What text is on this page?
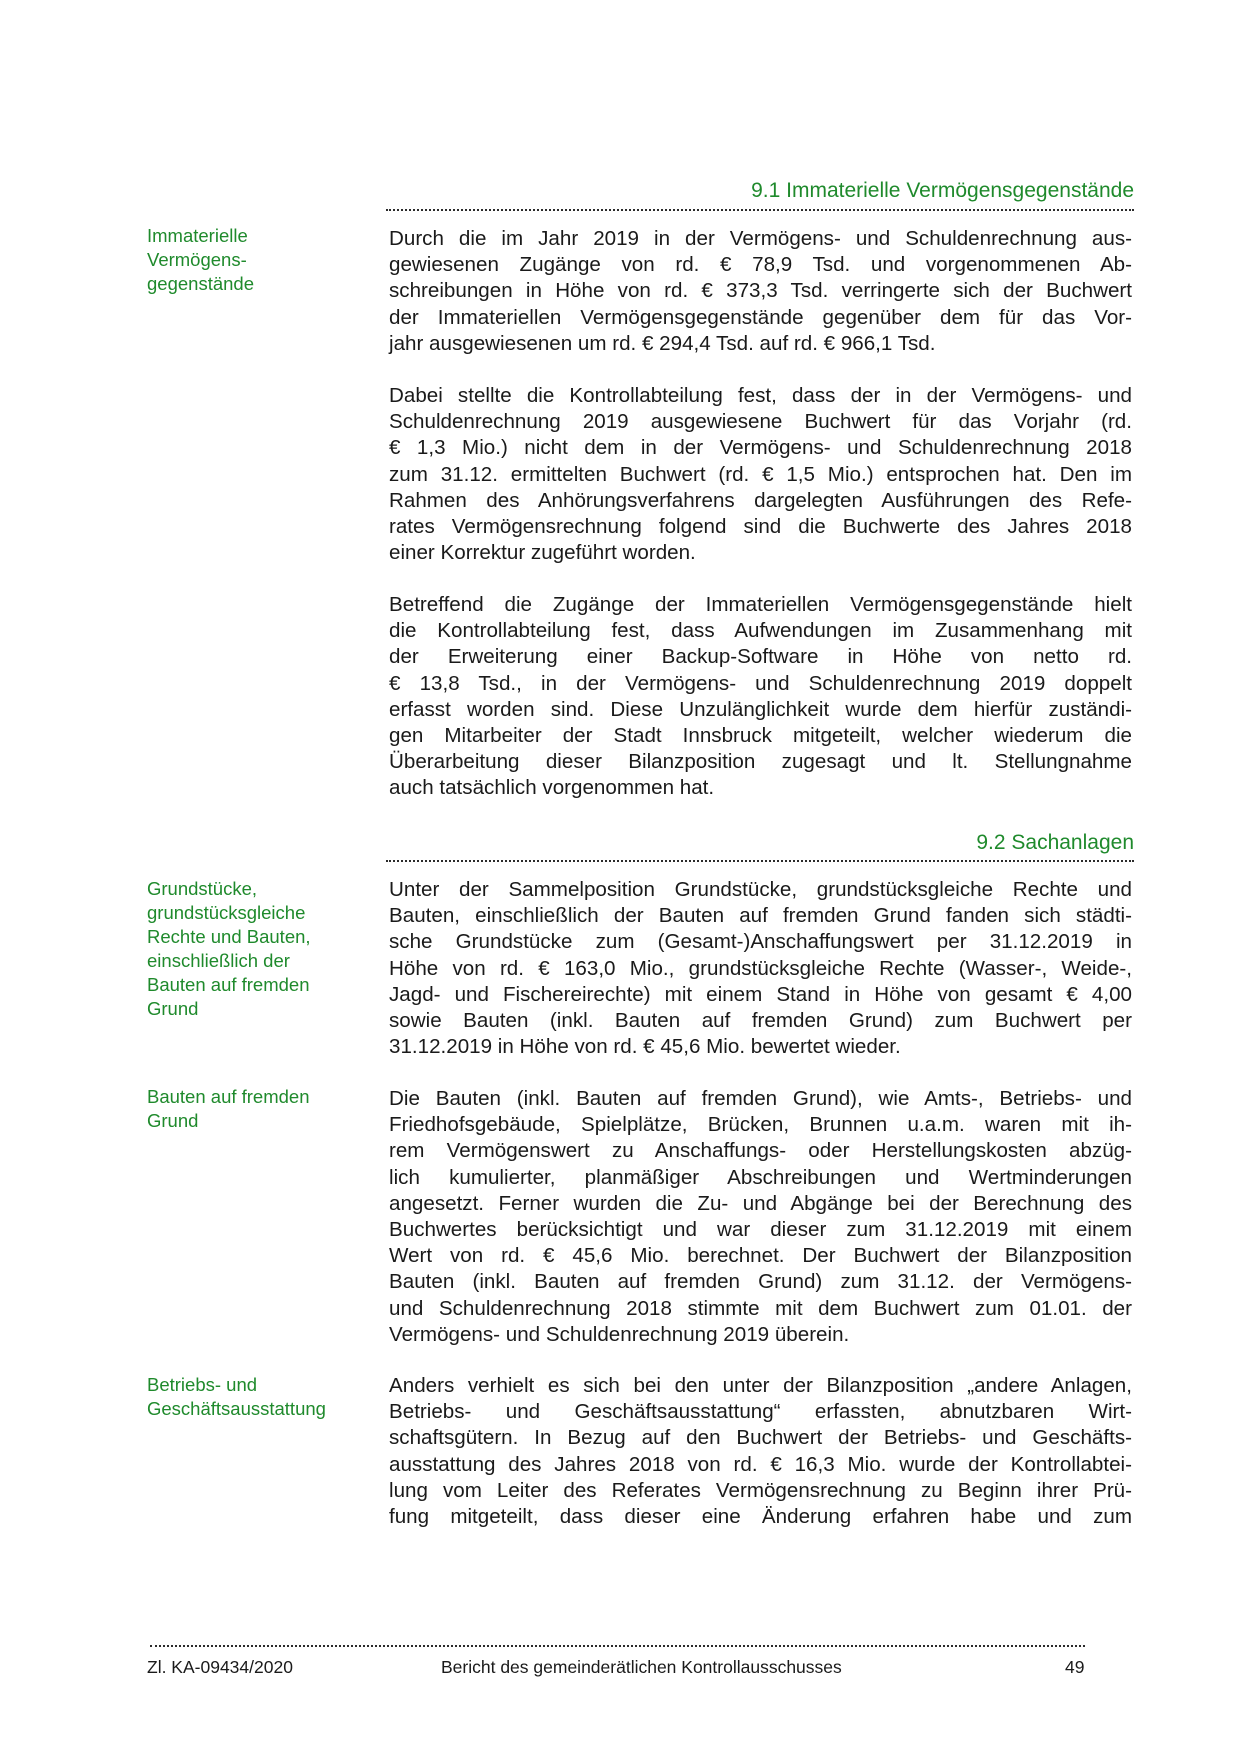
9.1 Immaterielle Vermögensgegenstände
Immaterielle
Vermögens-
gegenstände
Durch die im Jahr 2019 in der Vermögens- und Schuldenrechnung aus-
gewiesenen Zugänge von rd. € 78,9 Tsd. und vorgenommenen Ab-
schreibungen in Höhe von rd. € 373,3 Tsd. verringerte sich der Buchwert
der Immateriellen Vermögensgegenstände gegenüber dem für das Vor-
jahr ausgewiesenen um rd. € 294,4 Tsd. auf rd. € 966,1 Tsd.
Dabei stellte die Kontrollabteilung fest, dass der in der Vermögens- und
Schuldenrechnung 2019 ausgewiesene Buchwert für das Vorjahr (rd.
€ 1,3 Mio.) nicht dem in der Vermögens- und Schuldenrechnung 2018
zum 31.12. ermittelten Buchwert (rd. € 1,5 Mio.) entsprochen hat. Den im
Rahmen des Anhörungsverfahrens dargelegten Ausführungen des Refe-
rates Vermögensrechnung folgend sind die Buchwerte des Jahres 2018
einer Korrektur zugeführt worden.
Betreffend die Zugänge der Immateriellen Vermögensgegenstände hielt
die Kontrollabteilung fest, dass Aufwendungen im Zusammenhang mit
der Erweiterung einer Backup-Software in Höhe von netto rd.
€ 13,8 Tsd., in der Vermögens- und Schuldenrechnung 2019 doppelt
erfasst worden sind. Diese Unzulänglichkeit wurde dem hierfür zuständi-
gen Mitarbeiter der Stadt Innsbruck mitgeteilt, welcher wiederum die
Überarbeitung dieser Bilanzposition zugesagt und lt. Stellungnahme
auch tatsächlich vorgenommen hat.
9.2 Sachanlagen
Grundstücke,
grundstücksgleiche
Rechte und Bauten,
einschließlich der
Bauten auf fremden
Grund
Unter der Sammelposition Grundstücke, grundstücksgleiche Rechte und
Bauten, einschließlich der Bauten auf fremden Grund fanden sich städti-
sche Grundstücke zum (Gesamt-)Anschaffungswert per 31.12.2019 in
Höhe von rd. € 163,0 Mio., grundstücksgleiche Rechte (Wasser-, Weide-,
Jagd- und Fischereirechte) mit einem Stand in Höhe von gesamt € 4,00
sowie Bauten (inkl. Bauten auf fremden Grund) zum Buchwert per
31.12.2019 in Höhe von rd. € 45,6 Mio. bewertet wieder.
Bauten auf fremden
Grund
Die Bauten (inkl. Bauten auf fremden Grund), wie Amts-, Betriebs- und
Friedhofsgebäude, Spielplätze, Brücken, Brunnen u.a.m. waren mit ih-
rem Vermögenswert zu Anschaffungs- oder Herstellungskosten abzüg-
lich kumulierter, planmäßiger Abschreibungen und Wertminderungen
angesetzt. Ferner wurden die Zu- und Abgänge bei der Berechnung des
Buchwertes berücksichtigt und war dieser zum 31.12.2019 mit einem
Wert von rd. € 45,6 Mio. berechnet. Der Buchwert der Bilanzposition
Bauten (inkl. Bauten auf fremden Grund) zum 31.12. der Vermögens-
und Schuldenrechnung 2018 stimmte mit dem Buchwert zum 01.01. der
Vermögens- und Schuldenrechnung 2019 überein.
Betriebs- und
Geschäftsausstattung
Anders verhielt es sich bei den unter der Bilanzposition „andere Anlagen,
Betriebs- und Geschäftsausstattung“ erfassten, abnutzbaren Wirt-
schaftsgütern. In Bezug auf den Buchwert der Betriebs- und Geschäfts-
ausstattung des Jahres 2018 von rd. € 16,3 Mio. wurde der Kontrollabtei-
lung vom Leiter des Referates Vermögensrechnung zu Beginn ihrer Prü-
fung mitgeteilt, dass dieser eine Änderung erfahren habe und zum
Zl. KA-09434/2020	Bericht des gemeinderätlichen Kontrollausschusses	49
